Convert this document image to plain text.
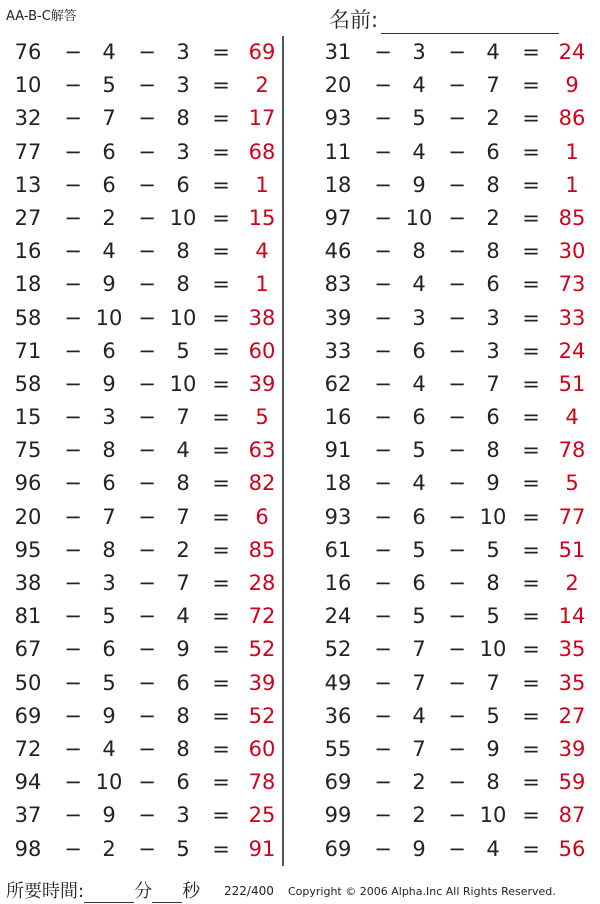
AA-B-C解答	名前:
76	− 4	− 3	= 69
10	− 5	− 3	=	2
32	− 7	− 8	= 17
77	− 6	− 3	= 68
13	− 6	− 6	=	1
27	− 2	− 10 = 15
16	− 4	− 8	=	4
18	− 9	− 8	=	1
58	− 10 − 10 = 38
71	− 6	− 5	= 60
58	− 9	− 10 = 39
15	− 3	− 7	=	5
75	− 8	− 4	= 63
96	− 6	− 8	= 82
20	− 7	− 7	=	6
95	− 8	− 2	= 85
38	− 3	− 7	= 28
81	− 5	− 4	= 72
67	− 6	− 9	= 52
50	− 5	− 6	= 39
69	− 9	− 8	= 52
72	− 4	− 8	= 60
94	− 10 − 6	= 78
37	− 9	− 3	= 25
98	− 2	− 5	= 91
31	− 3	− 4	= 24
20	− 4	− 7	=	9
93	− 5	− 2	= 86
11	− 4	− 6	=	1
18	− 9	− 8	=	1
97	− 10 − 2	= 85
46	− 8	− 8	= 30
83	− 4	− 6	= 73
39	− 3	− 3	= 33
33	− 6	− 3	= 24
62	− 4	− 7	= 51
16	− 6	− 6	=	4
91	− 5	− 8	= 78
18	− 4	− 9	=	5
93	− 6	− 10 = 77
61	− 5	− 5	= 51
16	− 6	− 8	=	2
24	− 5	− 5	= 14
52	− 7	− 10 = 35
49	− 7	− 7	= 35
36	− 4	− 5	= 27
55	− 7	− 9	= 39
69	− 2	− 8	= 59
99	− 2	− 10 = 87
69	− 9	− 4	= 56
所要時間:	分 秒 222/400 Copyright © 2006 Alpha.Inc All Rights Reserved.
